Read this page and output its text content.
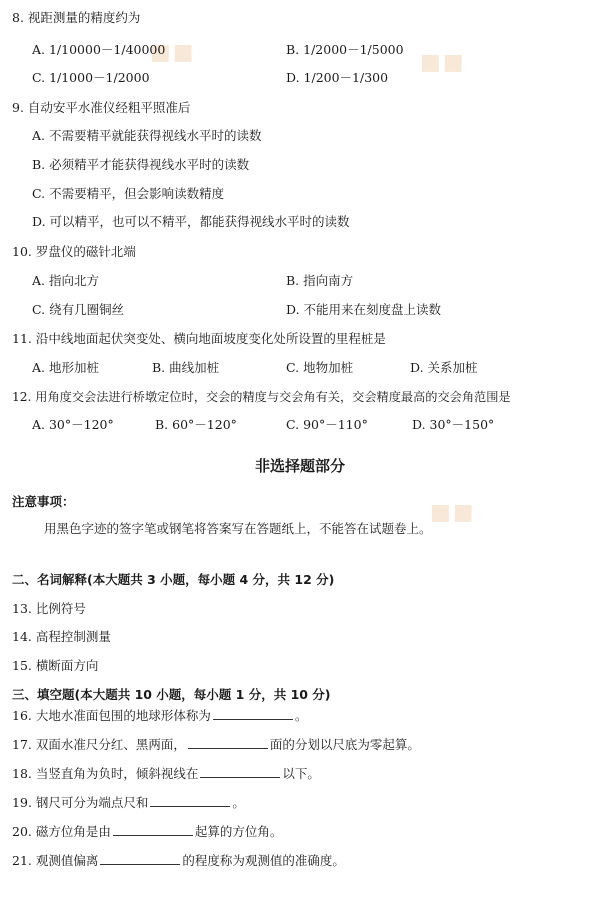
■■	■■
■■
8. 视距测量的精度约为
A. 1/10000－1/40000	B. 1/2000－1/5000
C. 1/1000－1/2000	D. 1/200－1/300
9. 自动安平水准仪经粗平照准后
A. 不需要精平就能获得视线水平时的读数
B. 必须精平才能获得视线水平时的读数
C. 不需要精平，但会影响读数精度
D. 可以精平，也可以不精平，都能获得视线水平时的读数
10. 罗盘仪的磁针北端
A. 指向北方	B. 指向南方
C. 绕有几圈铜丝	D. 不能用来在刻度盘上读数
11. 沿中线地面起伏突变处、横向地面坡度变化处所设置的里程桩是
A. 地形加桩	B. 曲线加桩	C. 地物加桩	D. 关系加桩
12. 用角度交会法进行桥墩定位时，交会的精度与交会角有关，交会精度最高的交会角范围是
A. 30°－120°	B. 60°－120°	C. 90°－110°	D. 30°－150°
非选择题部分
注意事项：
用黑色字迹的签字笔或钢笔将答案写在答题纸上，不能答在试题卷上。
二、名词解释(本大题共 3 小题，每小题 4 分，共 12 分)
13. 比例符号
14. 高程控制测量
15. 横断面方向
三、填空题(本大题共 10 小题，每小题 1 分，共 10 分)
16. 大地水准面包围的地球形体称为	。
17. 双面水准尺分红、黑两面，	面的分划以尺底为零起算。
18. 当竖直角为负时，倾斜视线在	以下。
19. 钢尺可分为端点尺和	。
20. 磁方位角是由	起算的方位角。
21. 观测值偏离	的程度称为观测值的准确度。
